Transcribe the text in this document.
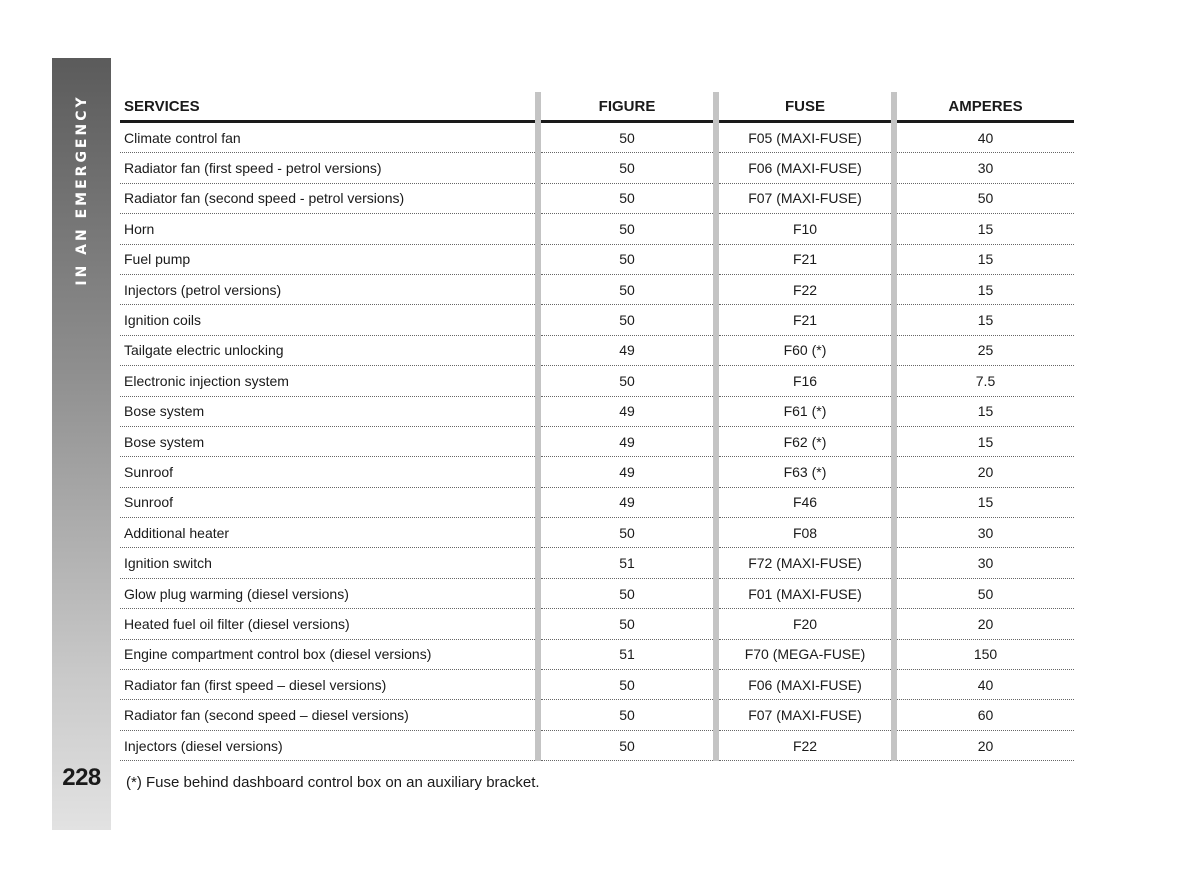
IN AN EMERGENCY
228
SERVICES	FIGURE	FUSE	AMPERES
Climate control fan	50	F05 (MAXI-FUSE)	40
Radiator fan (first speed - petrol versions)	50	F06 (MAXI-FUSE)	30
Radiator fan (second speed - petrol versions)	50	F07 (MAXI-FUSE)	50
Horn	50	F10	15
Fuel pump	50	F21	15
Injectors (petrol versions)	50	F22	15
Ignition coils	50	F21	15
Tailgate electric unlocking	49	F60 (*)	25
Electronic injection system	50	F16	7.5
Bose system	49	F61 (*)	15
Bose system	49	F62 (*)	15
Sunroof	49	F63 (*)	20
Sunroof	49	F46	15
Additional heater	50	F08	30
Ignition switch	51	F72 (MAXI-FUSE)	30
Glow plug warming (diesel versions)	50	F01 (MAXI-FUSE)	50
Heated fuel oil filter (diesel versions)	50	F20	20
Engine compartment control box (diesel versions)	51	F70 (MEGA-FUSE)	150
Radiator fan (first speed – diesel versions)	50	F06 (MAXI-FUSE)	40
Radiator fan (second speed – diesel versions)	50	F07 (MAXI-FUSE)	60
Injectors (diesel versions)	50	F22	20
(*) Fuse behind dashboard control box on an auxiliary bracket.
